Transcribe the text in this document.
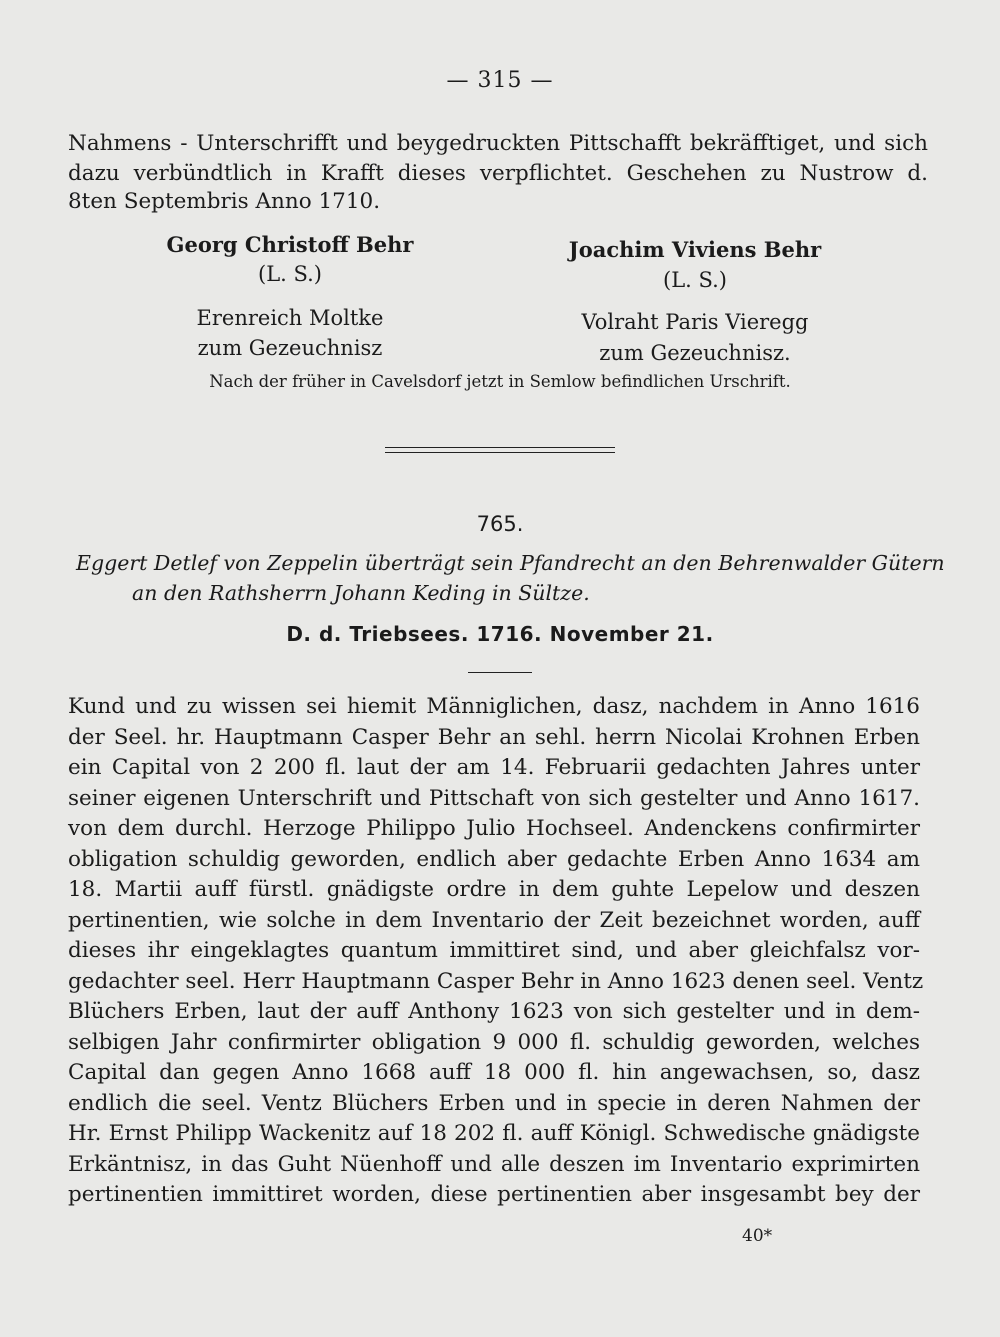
— 315 —
Nahmens - Unterschrifft und beygedruckten Pittschafft bekräfftiget, und sich
dazu verbündtlich in Krafft dieses verpflichtet. Geschehen zu Nustrow d.
8ten Septembris Anno 1710.
Georg Christoff Behr
(L. S.)
Erenreich Moltke
zum Gezeuchnisz
Joachim Viviens Behr
(L. S.)
Volraht Paris Vieregg
zum Gezeuchnisz.
Nach der früher in Cavelsdorf jetzt in Semlow befindlichen Urschrift.
765.
Eggert Detlef von Zeppelin überträgt sein Pfandrecht an den Behrenwalder Gütern
an den Rathsherrn Johann Keding in Sültze.
D. d. Triebsees. 1716. November 21.
Kund und zu wissen sei hiemit Männiglichen, dasz, nachdem in Anno 1616
der Seel. hr. Hauptmann Casper Behr an sehl. herrn Nicolai Krohnen Erben
ein Capital von 2 200 fl. laut der am 14. Februarii gedachten Jahres unter
seiner eigenen Unterschrift und Pittschaft von sich gestelter und Anno 1617.
von dem durchl. Herzoge Philippo Julio Hochseel. Andenckens confirmirter
obligation schuldig geworden, endlich aber gedachte Erben Anno 1634 am
18. Martii auff fürstl. gnädigste ordre in dem guhte Lepelow und deszen
pertinentien, wie solche in dem Inventario der Zeit bezeichnet worden, auff
dieses ihr eingeklagtes quantum immittiret sind, und aber gleichfalsz vor-
gedachter seel. Herr Hauptmann Casper Behr in Anno 1623 denen seel. Ventz
Blüchers Erben, laut der auff Anthony 1623 von sich gestelter und in dem-
selbigen Jahr confirmirter obligation 9 000 fl. schuldig geworden, welches
Capital dan gegen Anno 1668 auff 18 000 fl. hin angewachsen, so, dasz
endlich die seel. Ventz Blüchers Erben und in specie in deren Nahmen der
Hr. Ernst Philipp Wackenitz auf 18 202 fl. auff Königl. Schwedische gnädigste
Erkäntnisz, in das Guht Nüenhoff und alle deszen im Inventario exprimirten
pertinentien immittiret worden, diese pertinentien aber insgesambt bey der
40*
